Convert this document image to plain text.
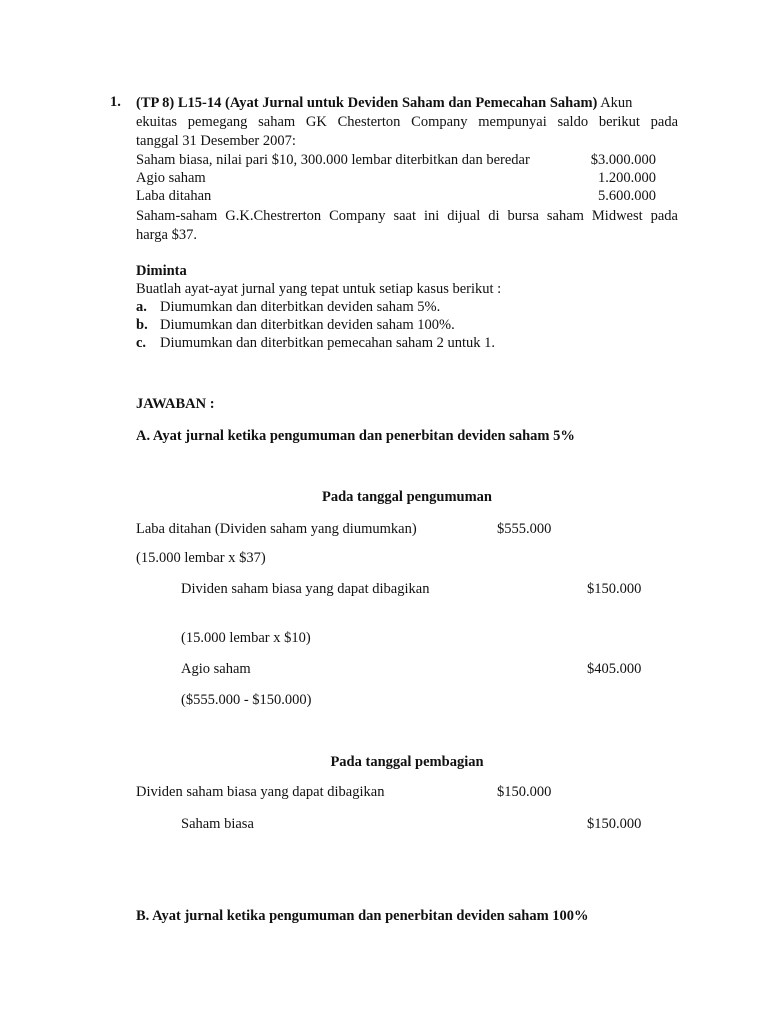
1. (TP 8) L15-14 (Ayat Jurnal untuk Deviden Saham dan Pemecahan Saham) Akun
ekuitas pemegang saham GK Chesterton Company mempunyai saldo berikut pada
tanggal 31 Desember 2007:
Saham biasa, nilai pari $10, 300.000 lembar diterbitkan dan beredar	$3.000.000
Agio saham	1.200.000
Laba ditahan	5.600.000
Saham-saham G.K.Chestrerton Company saat ini dijual di bursa saham Midwest pada
harga $37.
Diminta
Buatlah ayat-ayat jurnal yang tepat untuk setiap kasus berikut :
a. Diumumkan dan diterbitkan deviden saham 5%.
b. Diumumkan dan diterbitkan deviden saham 100%.
c. Diumumkan dan diterbitkan pemecahan saham 2 untuk 1.
JAWABAN :
A. Ayat jurnal ketika pengumuman dan penerbitan deviden saham 5%
Pada tanggal pengumuman
Laba ditahan (Dividen saham yang diumumkan)	$555.000
(15.000 lembar x $37)
Dividen saham biasa yang dapat dibagikan	$150.000
(15.000 lembar x $10)
Agio saham	$405.000
($555.000 - $150.000)
Pada tanggal pembagian
Dividen saham biasa yang dapat dibagikan	$150.000
Saham biasa	$150.000
B. Ayat jurnal ketika pengumuman dan penerbitan deviden saham 100%
